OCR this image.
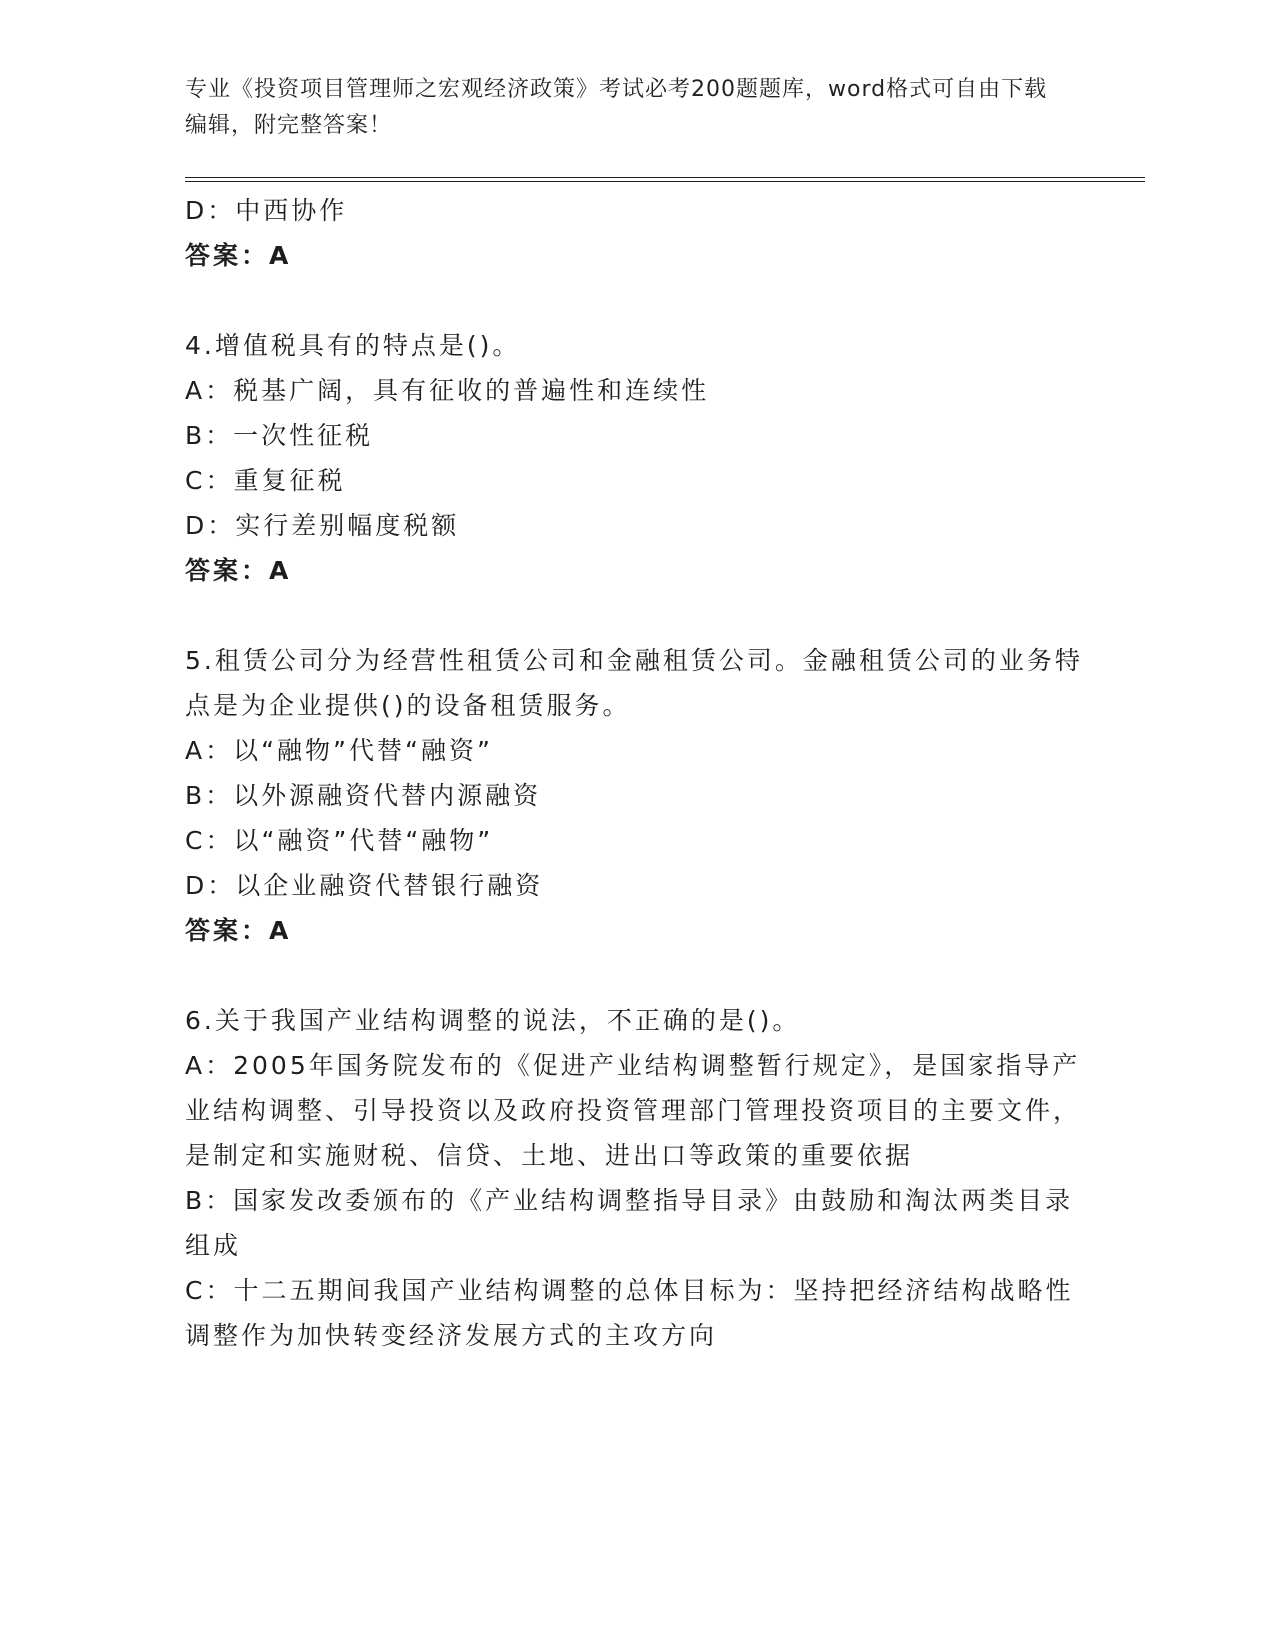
专业《投资项目管理师之宏观经济政策》考试必考200题题库，word格式可自由下载编辑，附完整答案！
D：中西协作
答案：A
4.增值税具有的特点是()。
A：税基广阔，具有征收的普遍性和连续性
B：一次性征税
C：重复征税
D：实行差别幅度税额
答案：A
5.租赁公司分为经营性租赁公司和金融租赁公司。金融租赁公司的业务特点是为企业提供()的设备租赁服务。
A：以“融物”代替“融资”
B：以外源融资代替内源融资
C：以“融资”代替“融物”
D：以企业融资代替银行融资
答案：A
6.关于我国产业结构调整的说法，不正确的是()。
A：2005年国务院发布的《促进产业结构调整暂行规定》，是国家指导产业结构调整、引导投资以及政府投资管理部门管理投资项目的主要文件，是制定和实施财税、信贷、土地、进出口等政策的重要依据
B：国家发改委颁布的《产业结构调整指导目录》由鼓励和淘汰两类目录组成
C：十二五期间我国产业结构调整的总体目标为：坚持把经济结构战略性调整作为加快转变经济发展方式的主攻方向
